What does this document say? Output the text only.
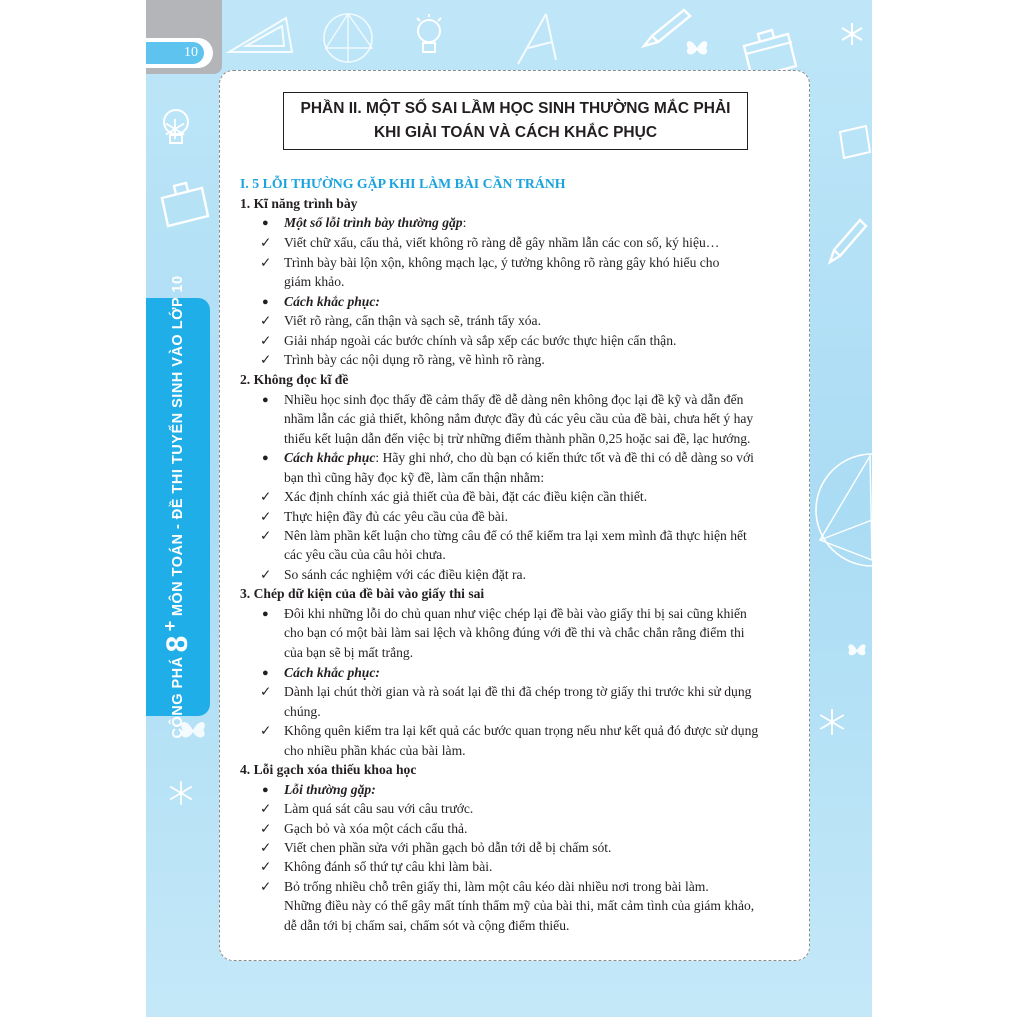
10
CÔNG PHÁ
8
+
MÔN TOÁN - ĐỀ THI TUYỂN SINH VÀO LỚP 10
PHẦN II. MỘT SỐ SAI LẦM HỌC SINH THƯỜNG MẮC PHẢI
KHI GIẢI TOÁN VÀ CÁCH KHẮC PHỤC
I. 5 LỖI THƯỜNG GẶP KHI LÀM BÀI CẦN TRÁNH
1. Kĩ năng trình bày
● Một số lỗi trình bày thường gặp:
✓ Viết chữ xấu, cẩu thả, viết không rõ ràng dễ gây nhầm lẫn các con số, ký hiệu…
✓ Trình bày bài lộn xộn, không mạch lạc, ý tưởng không rõ ràng gây khó hiểu cho
giám khảo.
● Cách khắc phục:
✓ Viết rõ ràng, cẩn thận và sạch sẽ, tránh tẩy xóa.
✓ Giải nháp ngoài các bước chính và sắp xếp các bước thực hiện cẩn thận.
✓ Trình bày các nội dụng rõ ràng, vẽ hình rõ ràng.
2. Không đọc kĩ đề
● Nhiều học sinh đọc thấy đề cảm thấy đề dễ dàng nên không đọc lại đề kỹ và dẫn đến
nhầm lẫn các giả thiết, không nắm được đầy đủ các yêu cầu của đề bài, chưa hết ý hay
thiếu kết luận dẫn đến việc bị trừ những điểm thành phần 0,25 hoặc sai đề, lạc hướng.
● Cách khắc phục: Hãy ghi nhớ, cho dù bạn có kiến thức tốt và đề thi có dễ dàng so với
bạn thì cũng hãy đọc kỹ đề, làm cẩn thận nhằm:
✓ Xác định chính xác giả thiết của đề bài, đặt các điều kiện cần thiết.
✓ Thực hiện đầy đủ các yêu cầu của đề bài.
✓ Nên làm phần kết luận cho từng câu để có thể kiểm tra lại xem mình đã thực hiện hết
các yêu cầu của câu hỏi chưa.
✓ So sánh các nghiệm với các điều kiện đặt ra.
3. Chép dữ kiện của đề bài vào giấy thi sai
● Đôi khi những lỗi do chủ quan như việc chép lại đề bài vào giấy thi bị sai cũng khiến
cho bạn có một bài làm sai lệch và không đúng với đề thi và chắc chắn rằng điểm thi
của bạn sẽ bị mất trắng.
● Cách khắc phục:
✓ Dành lại chút thời gian và rà soát lại đề thi đã chép trong tờ giấy thi trước khi sử dụng
chúng.
✓ Không quên kiểm tra lại kết quả các bước quan trọng nếu như kết quả đó được sử dụng
cho nhiều phần khác của bài làm.
4. Lỗi gạch xóa thiếu khoa học
● Lỗi thường gặp:
✓ Làm quá sát câu sau với câu trước.
✓ Gạch bỏ và xóa một cách cẩu thả.
✓ Viết chen phần sửa với phần gạch bỏ dẫn tới dễ bị chấm sót.
✓ Không đánh số thứ tự câu khi làm bài.
✓ Bỏ trống nhiều chỗ trên giấy thi, làm một câu kéo dài nhiều nơi trong bài làm.
Những điều này có thể gây mất tính thẩm mỹ của bài thi, mất cảm tình của giám khảo,
dễ dẫn tới bị chấm sai, chấm sót và cộng điểm thiếu.
